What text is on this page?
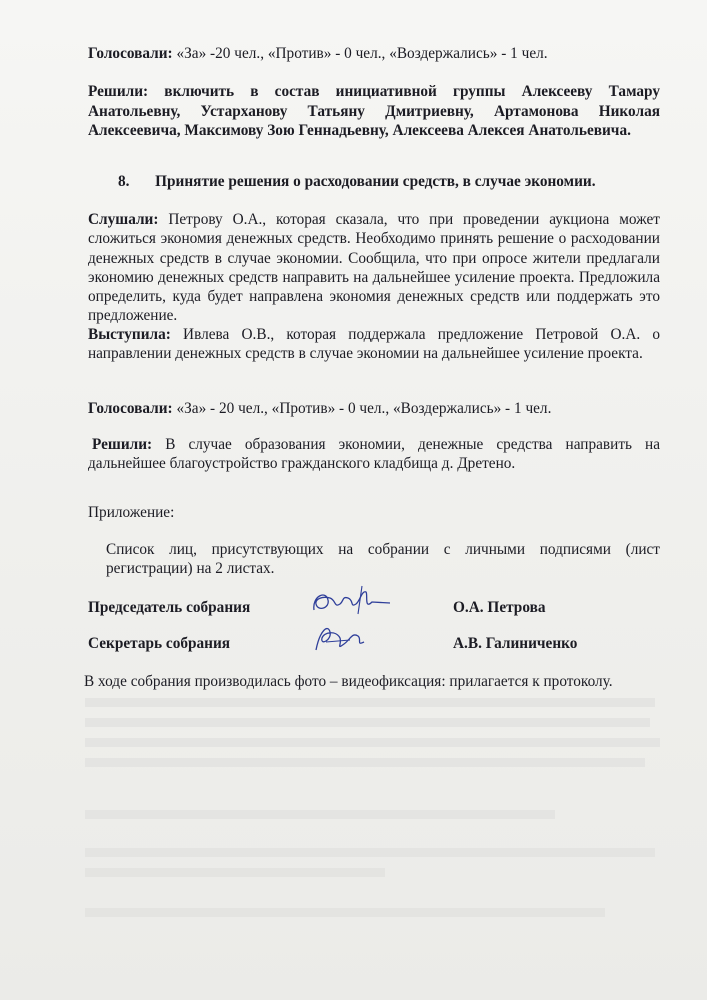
Голосовали: «За» -20 чел., «Против» - 0 чел., «Воздержались» - 1 чел.
Решили: включить в состав инициативной группы Алексееву Тамару Анатольевну, Устарханову Татьяну Дмитриевну, Артамонова Николая Алексеевича, Максимову Зою Геннадьевну, Алексеева Алексея Анатольевича.
8. Принятие решения о расходовании средств, в случае экономии.
Слушали: Петрову О.А., которая сказала, что при проведении аукциона может сложиться экономия денежных средств. Необходимо принять решение о расходовании денежных средств в случае экономии. Сообщила, что при опросе жители предлагали экономию денежных средств направить на дальнейшее усиление проекта. Предложила определить, куда будет направлена экономия денежных средств или поддержать это предложение.
Выступила: Ивлева О.В., которая поддержала предложение Петровой О.А. о направлении денежных средств в случае экономии на дальнейшее усиление проекта.
Голосовали: «За» - 20 чел., «Против» - 0 чел., «Воздержались» - 1 чел.
Решили: В случае образования экономии, денежные средства направить на дальнейшее благоустройство гражданского кладбища д. Дретено.
Приложение:
Список лиц, присутствующих на собрании с личными подписями (лист регистрации) на 2 листах.
Председатель собрания	О.А. Петрова
Секретарь собрания	А.В. Галиниченко
В ходе собрания производилась фото – видеофиксация: прилагается к протоколу.
